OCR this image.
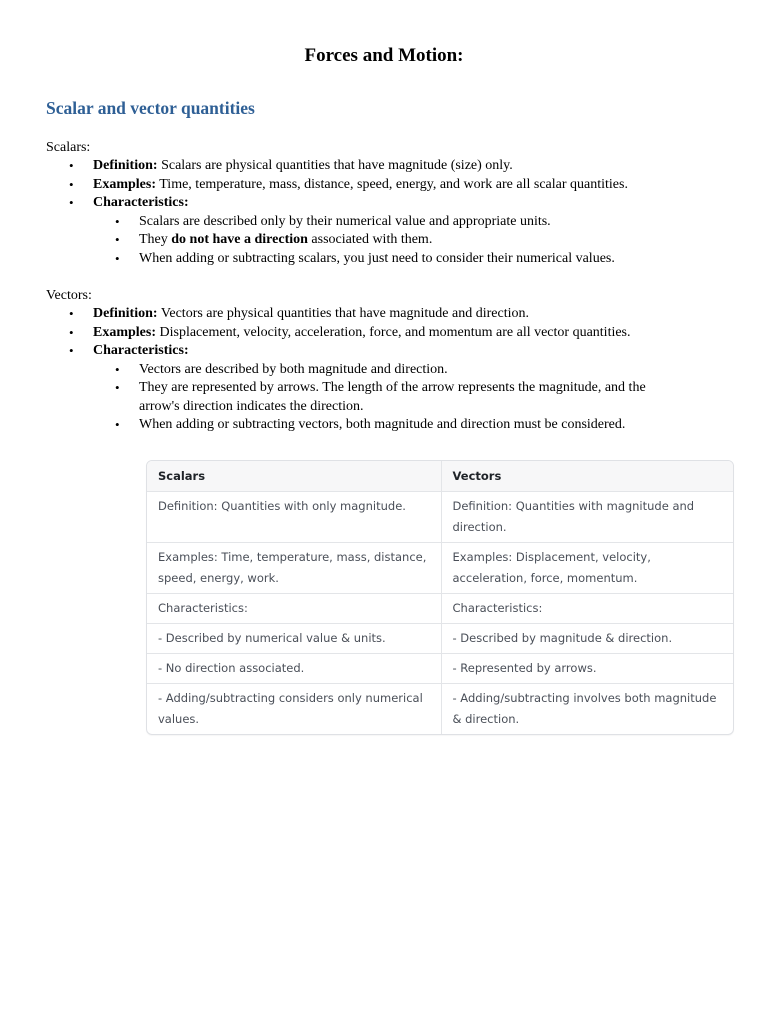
Forces and Motion:
Scalar and vector quantities
Scalars:
• Definition: Scalars are physical quantities that have magnitude (size) only.
• Examples: Time, temperature, mass, distance, speed, energy, and work are all scalar quantities.
• Characteristics:
• Scalars are described only by their numerical value and appropriate units.
• They do not have a direction associated with them.
• When adding or subtracting scalars, you just need to consider their numerical values.
Vectors:
• Definition: Vectors are physical quantities that have magnitude and direction.
• Examples: Displacement, velocity, acceleration, force, and momentum are all vector quantities.
• Characteristics:
• Vectors are described by both magnitude and direction.
• They are represented by arrows. The length of the arrow represents the magnitude, and the arrow's direction indicates the direction.
• When adding or subtracting vectors, both magnitude and direction must be considered.
Scalars	Vectors
Definition: Quantities with only magnitude.	Definition: Quantities with magnitude and direction.
Examples: Time, temperature, mass, distance, speed, energy, work.	Examples: Displacement, velocity, acceleration, force, momentum.
Characteristics:	Characteristics:
- Described by numerical value & units.	- Described by magnitude & direction.
- No direction associated.	- Represented by arrows.
- Adding/subtracting considers only numerical values.	- Adding/subtracting involves both magnitude & direction.
